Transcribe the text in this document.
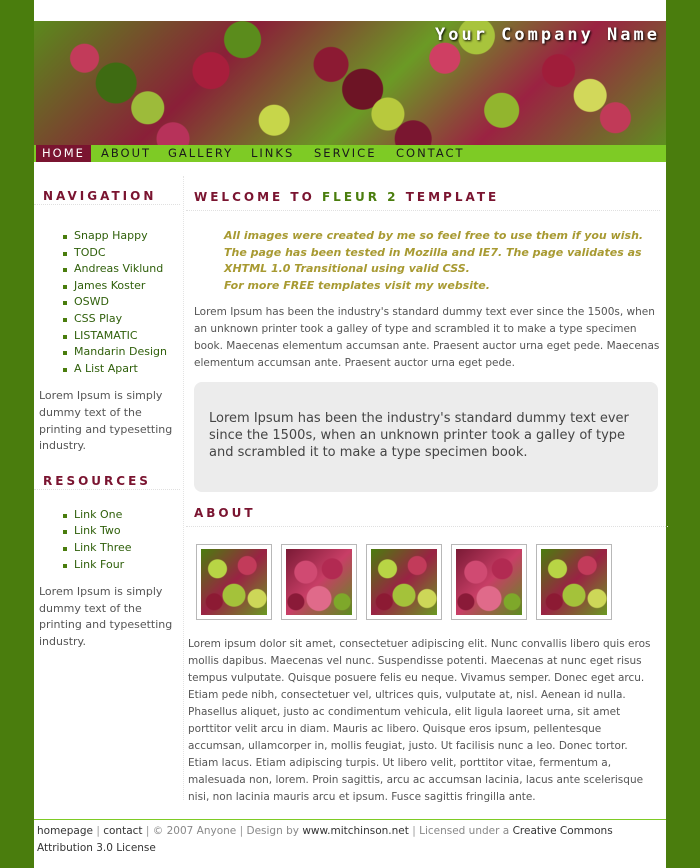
Your Company Name
HOME	ABOUT GALLERY LINKS SERVICE CONTACT
NAVIGATION
Snapp Happy
TODC
Andreas Viklund
James Koster
OSWD
CSS Play
LISTAMATIC
Mandarin Design
A List Apart
Lorem Ipsum is simply dummy text of the printing and typesetting industry.
RESOURCES
Link One
Link Two
Link Three
Link Four
Lorem Ipsum is simply dummy text of the printing and typesetting industry.
WELCOME TO FLEUR 2 TEMPLATE
All images were created by me so feel free to use them if you wish.
The page has been tested in Mozilla and IE7. The page validates as
XHTML 1.0 Transitional using valid CSS.
For more FREE templates visit my website.
Lorem Ipsum has been the industry's standard dummy text ever since the 1500s, when an unknown printer took a galley of type and scrambled it to make a type specimen book. Maecenas elementum accumsan ante. Praesent auctor urna eget pede. Maecenas elementum accumsan ante. Praesent auctor urna eget pede.
Lorem Ipsum has been the industry's standard dummy text ever since the 1500s, when an unknown printer took a galley of type and scrambled it to make a type specimen book.
ABOUT
Lorem ipsum dolor sit amet, consectetuer adipiscing elit. Nunc convallis libero quis eros mollis dapibus. Maecenas vel nunc. Suspendisse potenti. Maecenas at nunc eget risus tempus vulputate. Quisque posuere felis eu neque. Vivamus semper. Donec eget arcu. Etiam pede nibh, consectetuer vel, ultrices quis, vulputate at, nisl. Aenean id nulla. Phasellus aliquet, justo ac condimentum vehicula, elit ligula laoreet urna, sit amet porttitor velit arcu in diam. Mauris ac libero. Quisque eros ipsum, pellentesque accumsan, ullamcorper in, mollis feugiat, justo. Ut facilisis nunc a leo. Donec tortor. Etiam lacus. Etiam adipiscing turpis. Ut libero velit, porttitor vitae, fermentum a, malesuada non, lorem. Proin sagittis, arcu ac accumsan lacinia, lacus ante scelerisque nisi, non lacinia mauris arcu et ipsum. Fusce sagittis fringilla ante.
homepage | contact | © 2007 Anyone | Design by www.mitchinson.net | Licensed under a Creative Commons Attribution 3.0 License
